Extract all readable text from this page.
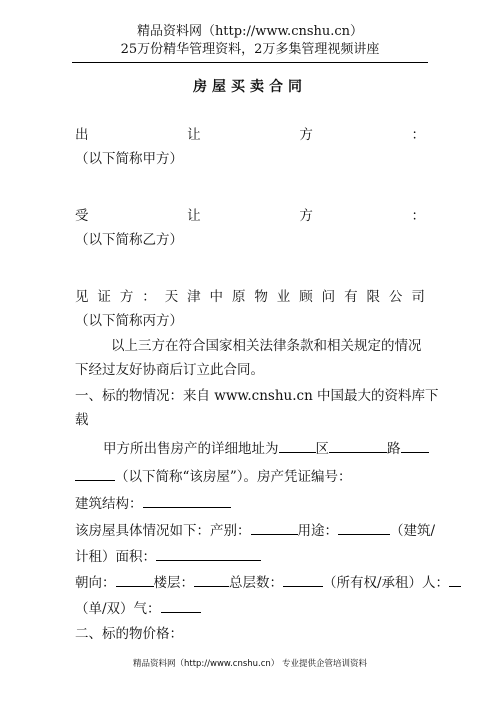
精品资料网（http://www.cnshu.cn）
25万份精华管理资料，2万多集管理视频讲座
房屋买卖合同
出	让	方	：
（以下简称甲方）
受	让	方	：
（以下简称乙方）
见 证 方 ： 天 津 中 原 物 业 顾 问 有 限 公 司
（以下简称丙方）
以上三方在符合国家相关法律条款和相关规定的情况
下经过友好协商后订立此合同。
一、标的物情况：来自 www.cnshu.cn 中国最大的资料库下
载
甲方所出售房产的详细地址为	区	路
（以下简称“该房屋”）。房产凭证编号：
建筑结构：
该房屋具体情况如下：产别：	用途：	（建筑/
计租）面积：
朝向：	楼层：	总层数：	（所有权/承租）人：
（单/双）气：
二、标的物价格：
精品资料网（http://www.cnshu.cn） 专业提供企管培训资料
